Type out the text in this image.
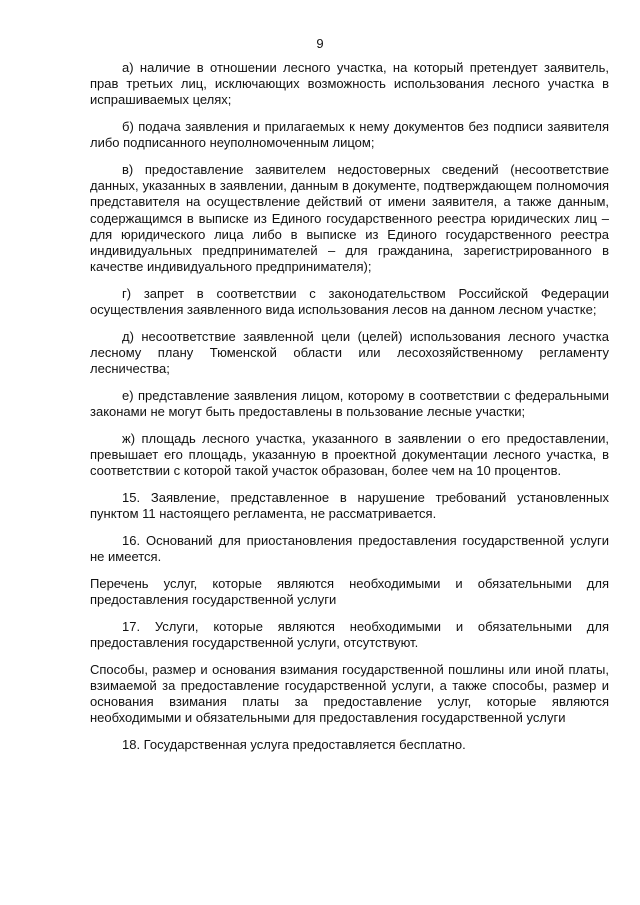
9

а) наличие в отношении лесного участка, на который претендует заявитель, прав третьих лиц, исключающих возможность использования лесного участка в испрашиваемых целях;

б) подача заявления и прилагаемых к нему документов без подписи заявителя либо подписанного неуполномоченным лицом;

в) предоставление заявителем недостоверных сведений (несоответствие данных, указанных в заявлении, данным в документе, подтверждающем полномочия представителя на осуществление действий от имени заявителя, а также данным, содержащимся в выписке из Единого государственного реестра юридических лиц – для юридического лица либо в выписке из Единого государственного реестра индивидуальных предпринимателей – для гражданина, зарегистрированного в качестве индивидуального предпринимателя);

г) запрет в соответствии с законодательством Российской Федерации осуществления заявленного вида использования лесов на данном лесном участке;

д) несоответствие заявленной цели (целей) использования лесного участка лесному плану Тюменской области или лесохозяйственному регламенту лесничества;

е) представление заявления лицом, которому в соответствии с федеральными законами не могут быть предоставлены в пользование лесные участки;

ж) площадь лесного участка, указанного в заявлении о его предоставлении, превышает его площадь, указанную в проектной документации лесного участка, в соответствии с которой такой участок образован, более чем на 10 процентов.

15. Заявление, представленное в нарушение требований установленных пунктом 11 настоящего регламента, не рассматривается.

16. Оснований для приостановления предоставления государственной услуги не имеется.

Перечень услуг, которые являются необходимыми и обязательными для предоставления государственной услуги

17. Услуги, которые являются необходимыми и обязательными для предоставления государственной услуги, отсутствуют.

Способы, размер и основания взимания государственной пошлины или иной платы, взимаемой за предоставление государственной услуги, а также способы, размер и основания взимания платы за предоставление услуг, которые являются необходимыми и обязательными для предоставления государственной услуги

18. Государственная услуга предоставляется бесплатно.
